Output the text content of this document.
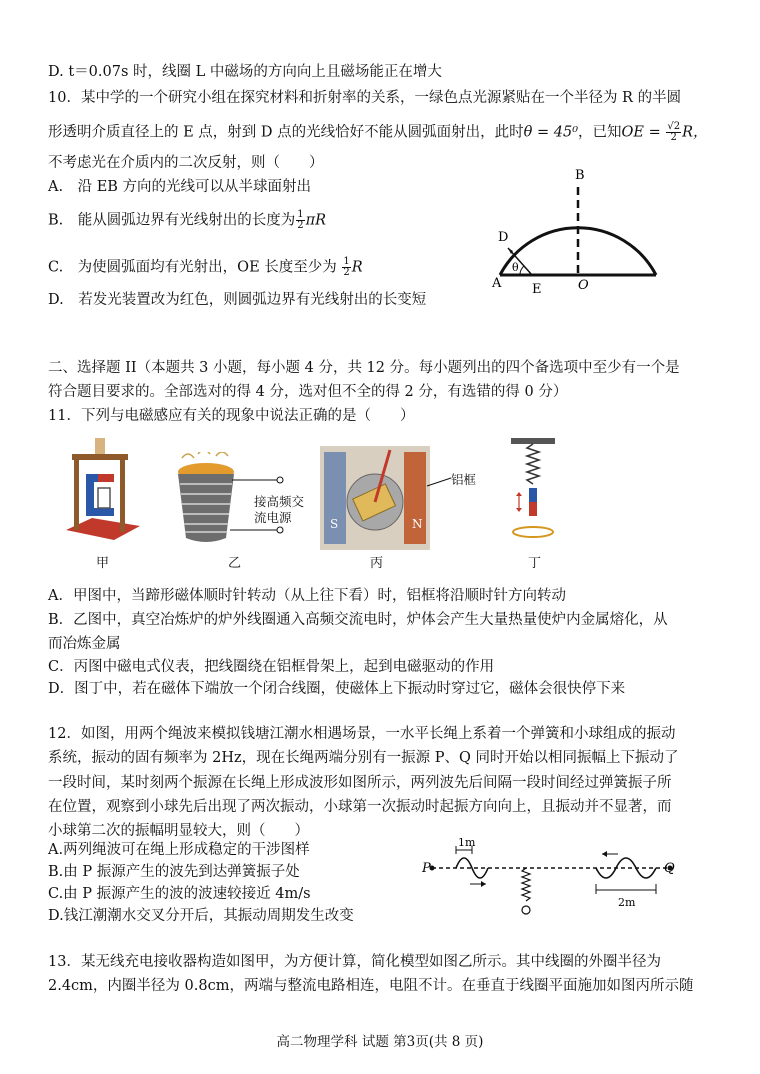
D. t＝0.07s 时，线圈 L 中磁场的方向向上且磁场能正在增大
10．某中学的一个研究小组在探究材料和折射率的关系，一绿色点光源紧贴在一个半径为 R 的半圆
形透明介质直径上的 E 点，射到 D 点的光线恰好不能从圆弧面射出，此时θ = 45⁰，已知OE = $\frac{√2}{2}$ R，
不考虑光在介质内的二次反射，则（　　）
A.　沿 EB 方向的光线可以从半球面射出
B.　能从圆弧边界有光线射出的长度为 $\frac{1}{2}$ πR
C.　为使圆弧面均有光射出，OE 长度至少为 $\frac{1}{2}$ R
D.　若发光装置改为红色，则圆弧边界有光线射出的长变短
B
D
θ
A E	O
二、选择题 II（本题共 3 小题，每小题 4 分，共 12 分。每小题列出的四个备选项中至少有一个是
符合题目要求的。全部选对的得 4 分，选对但不全的得 2 分，有选错的得 0 分）
11．下列与电磁感应有关的现象中说法正确的是（　　）
甲
接高频交
流电源
乙
S	N
铝框
丙	丁
A．甲图中，当蹄形磁体顺时针转动（从上往下看）时，铝框将沿顺时针方向转动
B．乙图中，真空冶炼炉的炉外线圈通入高频交流电时，炉体会产生大量热量使炉内金属熔化，从
而冶炼金属
C．丙图中磁电式仪表，把线圈绕在铝框骨架上，起到电磁驱动的作用
D．图丁中，若在磁体下端放一个闭合线圈，使磁体上下振动时穿过它，磁体会很快停下来
12．如图，用两个绳波来模拟钱塘江潮水相遇场景，一水平长绳上系着一个弹簧和小球组成的振动
系统，振动的固有频率为 2Hz，现在长绳两端分别有一振源 P、Q 同时开始以相同振幅上下振动了
一段时间，某时刻两个振源在长绳上形成波形如图所示，两列波先后间隔一段时间经过弹簧振子所
在位置，观察到小球先后出现了两次振动，小球第一次振动时起振方向向上，且振动并不显著，而
小球第二次的振幅明显较大，则（　　）
A.两列绳波可在绳上形成稳定的干涉图样
B.由 P 振源产生的波先到达弹簧振子处
C.由 P 振源产生的波的波速较接近 4m/s
D.钱江潮潮水交叉分开后，其振动周期发生改变
P	Q
1m
2m
13．某无线充电接收器构造如图甲，为方便计算，简化模型如图乙所示。其中线圈的外圈半径为
2.4cm，内圈半径为 0.8cm，两端与整流电路相连，电阻不计。在垂直于线圈平面施加如图丙所示随
高二物理学科 试题 第3页(共 8 页)
